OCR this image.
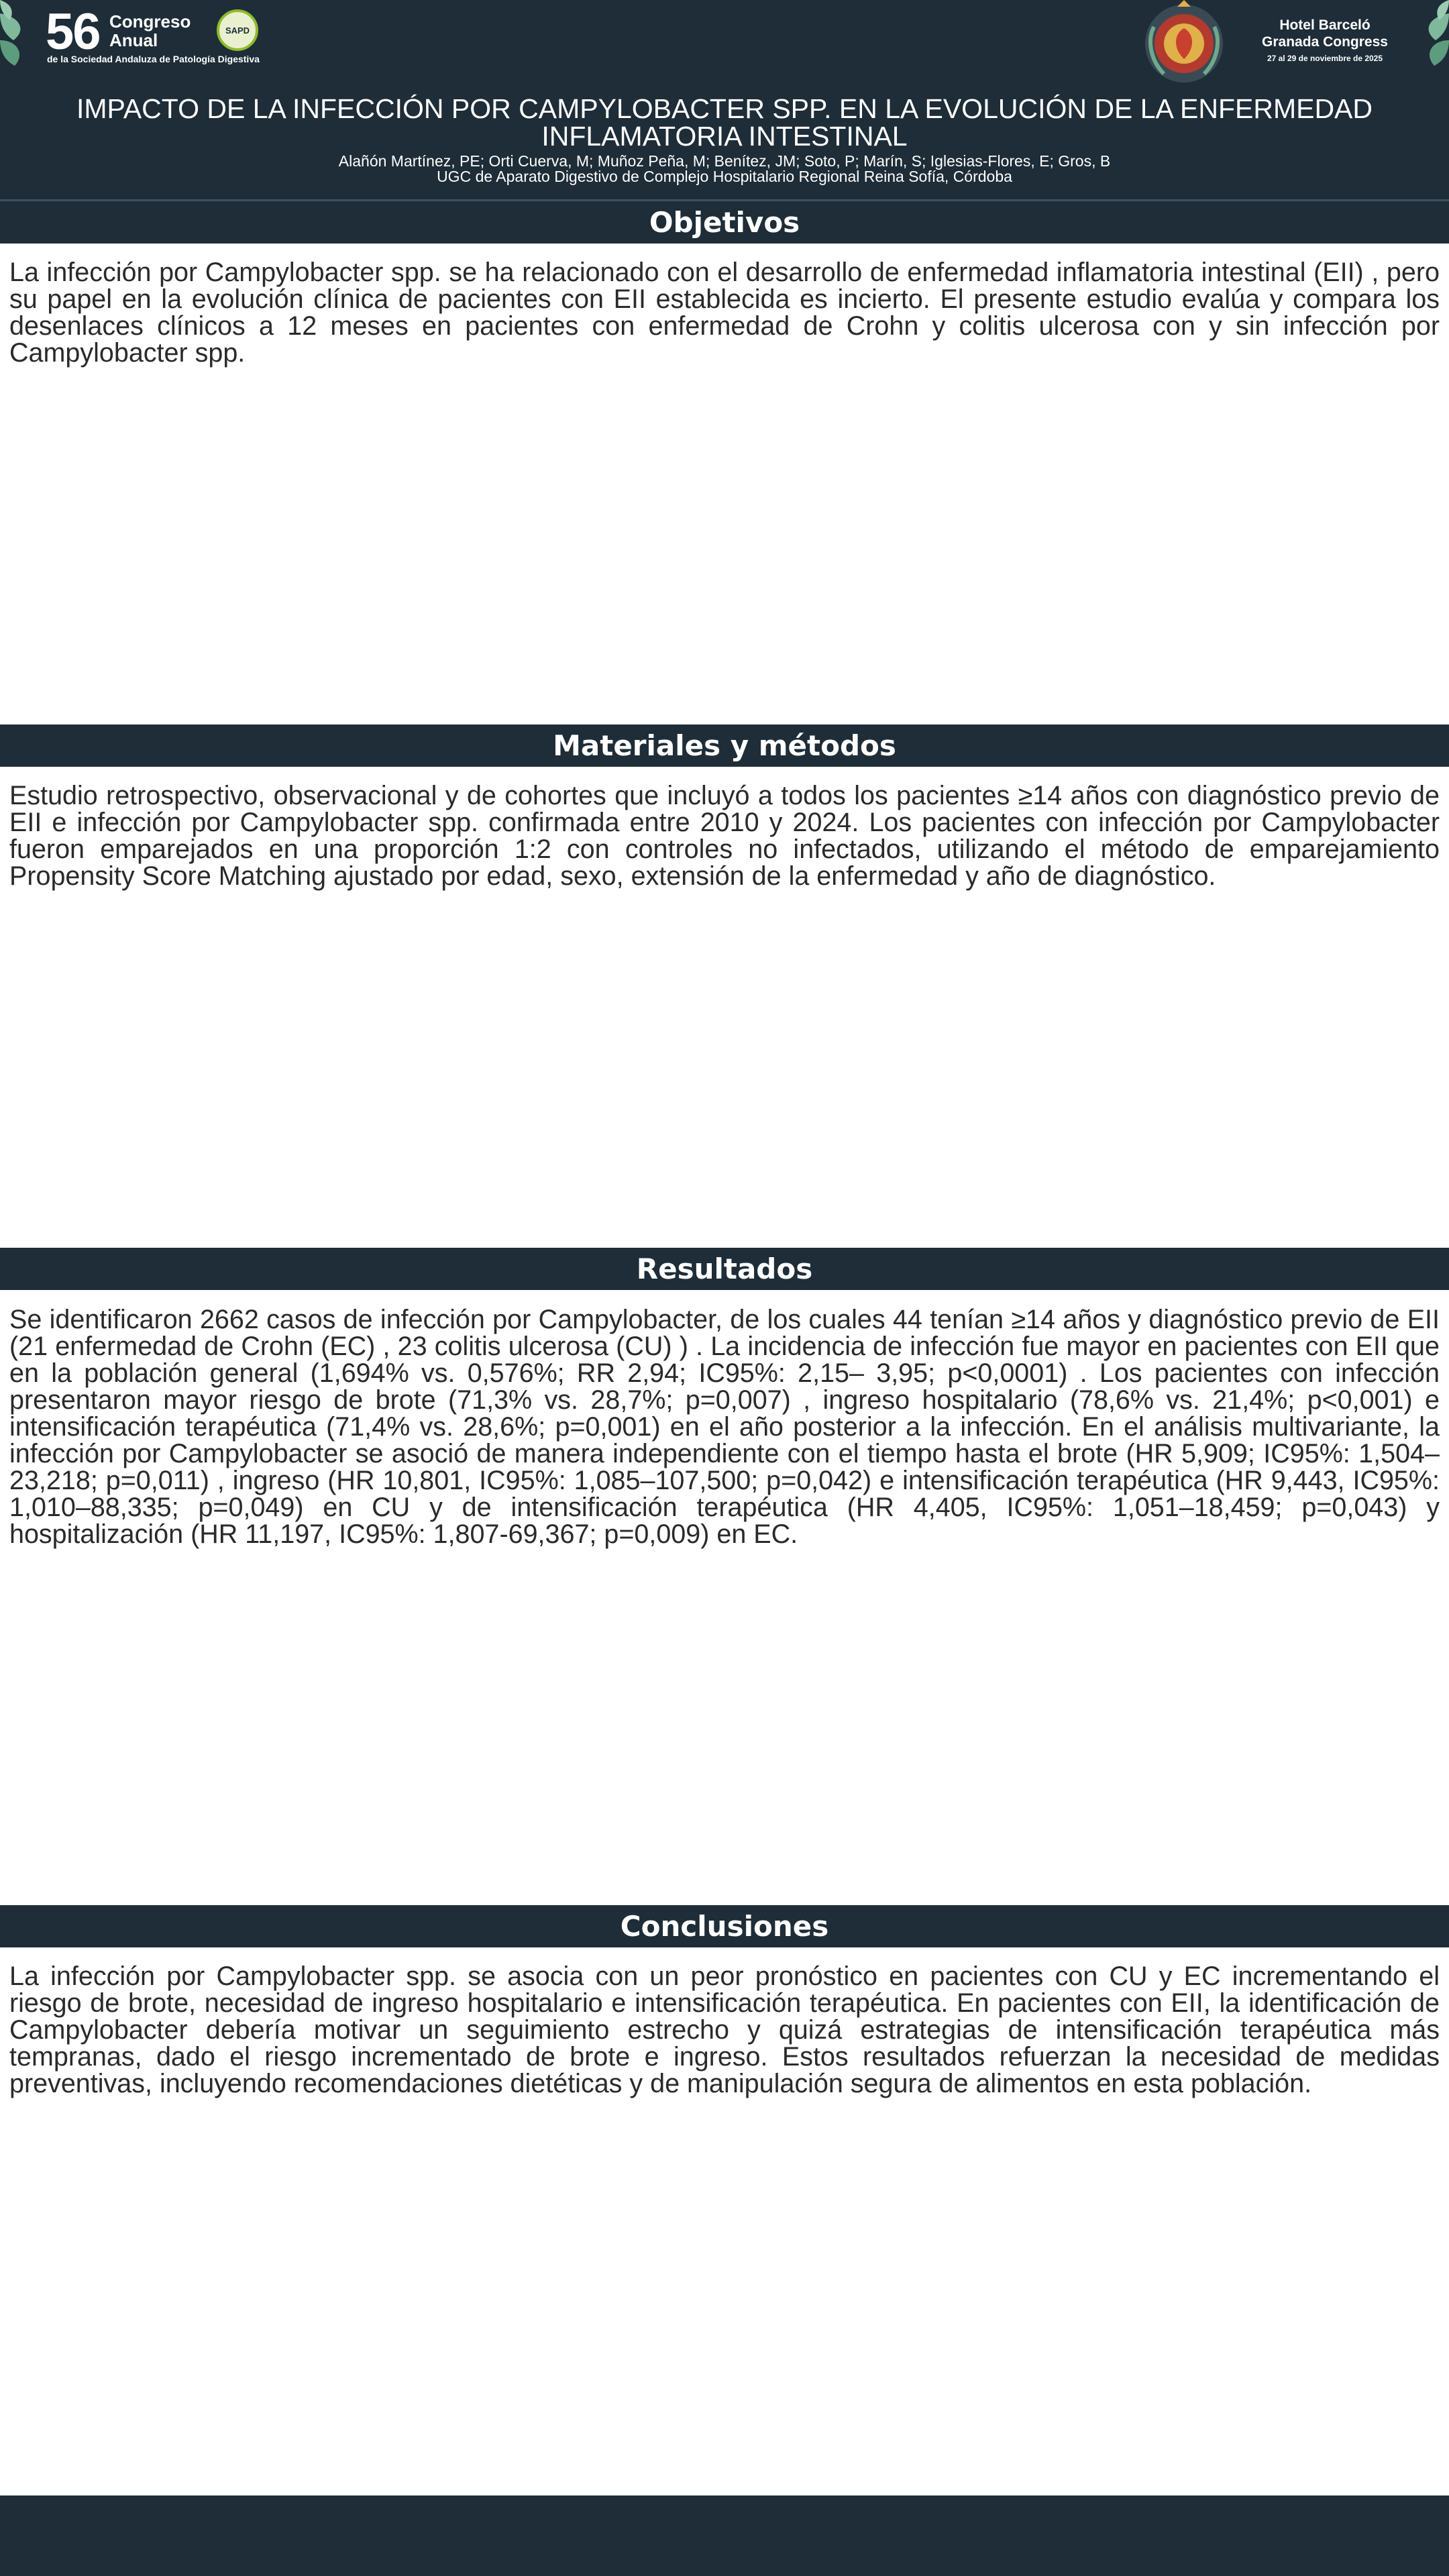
56 Congreso
Anual
de la Sociedad Andaluza de Patología Digestiva
SAPD	Hotel Barceló
Granada Congress
27 al 29 de noviembre de 2025
IMPACTO DE LA INFECCIÓN POR CAMPYLOBACTER SPP. EN LA EVOLUCIÓN DE LA ENFERMEDAD INFLAMATORIA INTESTINAL
Alañón Martínez, PE; Orti Cuerva, M; Muñoz Peña, M; Benítez, JM; Soto, P; Marín, S; Iglesias-Flores, E; Gros, B
UGC de Aparato Digestivo de Complejo Hospitalario Regional Reina Sofía, Córdoba
Objetivos
La infección por Campylobacter spp. se ha relacionado con el desarrollo de enfermedad inflamatoria intestinal (EII) , pero su papel en la evolución clínica de pacientes con EII establecida es incierto. El presente estudio evalúa y compara los desenlaces clínicos a 12 meses en pacientes con enfermedad de Crohn y colitis ulcerosa con y sin infección por Campylobacter spp.
Materiales y métodos
Estudio retrospectivo, observacional y de cohortes que incluyó a todos los pacientes ≥14 años con diagnóstico previo de EII e infección por Campylobacter spp. confirmada entre 2010 y 2024. Los pacientes con infección por Campylobacter fueron emparejados en una proporción 1:2 con controles no infectados, utilizando el método de emparejamiento Propensity Score Matching ajustado por edad, sexo, extensión de la enfermedad y año de diagnóstico.
Resultados
Se identificaron 2662 casos de infección por Campylobacter, de los cuales 44 tenían ≥14 años y diagnóstico previo de EII (21 enfermedad de Crohn (EC) , 23 colitis ulcerosa (CU) ) . La incidencia de infección fue mayor en pacientes con EII que en la población general (1,694% vs. 0,576%; RR 2,94; IC95%: 2,15– 3,95; p<0,0001) . Los pacientes con infección presentaron mayor riesgo de brote (71,3% vs. 28,7%; p=0,007) , ingreso hospitalario (78,6% vs. 21,4%; p<0,001) e intensificación terapéutica (71,4% vs. 28,6%; p=0,001) en el año posterior a la infección. En el análisis multivariante, la infección por Campylobacter se asoció de manera independiente con el tiempo hasta el brote (HR 5,909; IC95%: 1,504–23,218; p=0,011) , ingreso (HR 10,801, IC95%: 1,085–107,500; p=0,042) e intensificación terapéutica (HR 9,443, IC95%: 1,010–88,335; p=0,049) en CU y de intensificación terapéutica (HR 4,405, IC95%: 1,051–18,459; p=0,043) y hospitalización (HR 11,197, IC95%: 1,807-69,367; p=0,009) en EC.
Conclusiones
La infección por Campylobacter spp. se asocia con un peor pronóstico en pacientes con CU y EC incrementando el riesgo de brote, necesidad de ingreso hospitalario e intensificación terapéutica. En pacientes con EII, la identificación de Campylobacter debería motivar un seguimiento estrecho y quizá estrategias de intensificación terapéutica más tempranas, dado el riesgo incrementado de brote e ingreso. Estos resultados refuerzan la necesidad de medidas preventivas, incluyendo recomendaciones dietéticas y de manipulación segura de alimentos en esta población.
